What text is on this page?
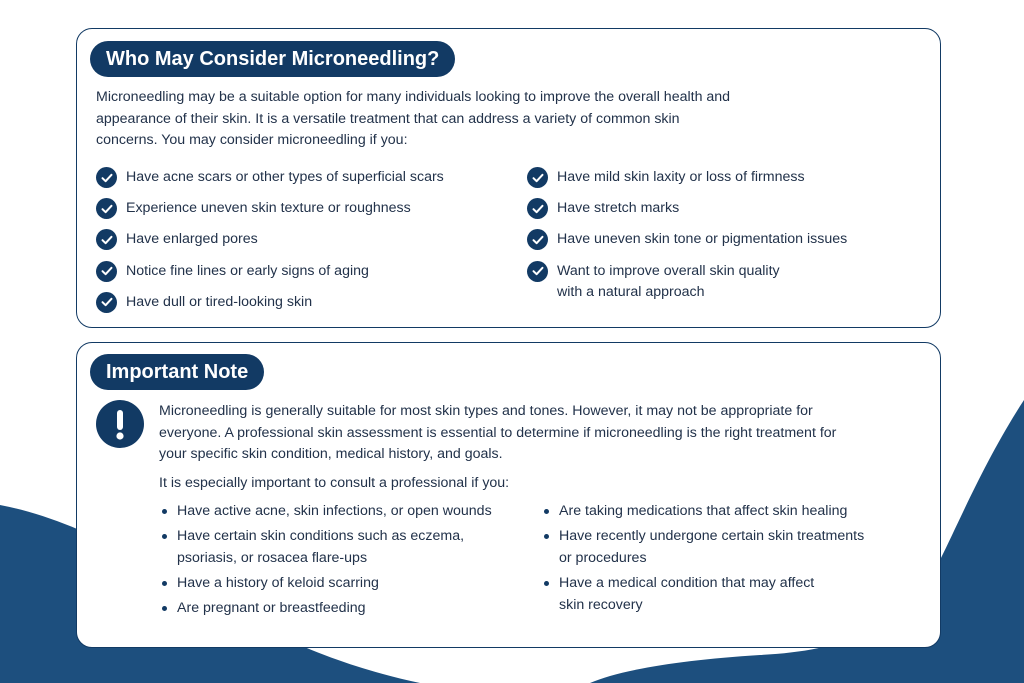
Who May Consider Microneedling?

Microneedling may be a suitable option for many individuals looking to improve the overall health and appearance of their skin. It is a versatile treatment that can address a variety of common skin concerns. You may consider microneedling if you:

Have acne scars or other types of superficial scars
Experience uneven skin texture or roughness
Have enlarged pores
Notice fine lines or early signs of aging
Have dull or tired-looking skin
Have mild skin laxity or loss of firmness
Have stretch marks
Have uneven skin tone or pigmentation issues
Want to improve overall skin quality with a natural approach
Important Note

Microneedling is generally suitable for most skin types and tones. However, it may not be appropriate for everyone. A professional skin assessment is essential to determine if microneedling is the right treatment for your specific skin condition, medical history, and goals.

It is especially important to consult a professional if you:

Have active acne, skin infections, or open wounds
Have certain skin conditions such as eczema, psoriasis, or rosacea flare-ups
Have a history of keloid scarring
Are pregnant or breastfeeding
Are taking medications that affect skin healing
Have recently undergone certain skin treatments or procedures
Have a medical condition that may affect skin recovery
